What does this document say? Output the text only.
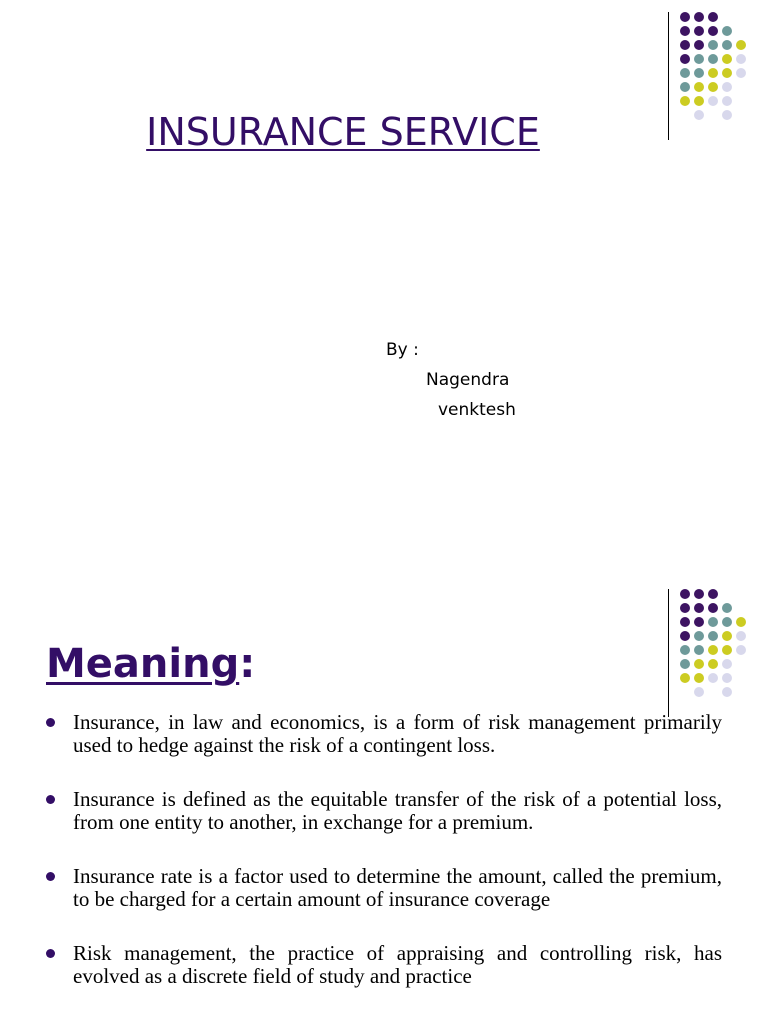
INSURANCE SERVICE
By :
Nagendra
venktesh
Meaning:
Insurance, in law and economics, is a form of risk management primarily used to hedge against the risk of a contingent loss.
Insurance is defined as the equitable transfer of the risk of a potential loss, from one entity to another, in exchange for a premium.
Insurance rate is a factor used to determine the amount, called the premium, to be charged for a certain amount of insurance coverage
Risk management, the practice of appraising and controlling risk, has evolved as a discrete field of study and practice
